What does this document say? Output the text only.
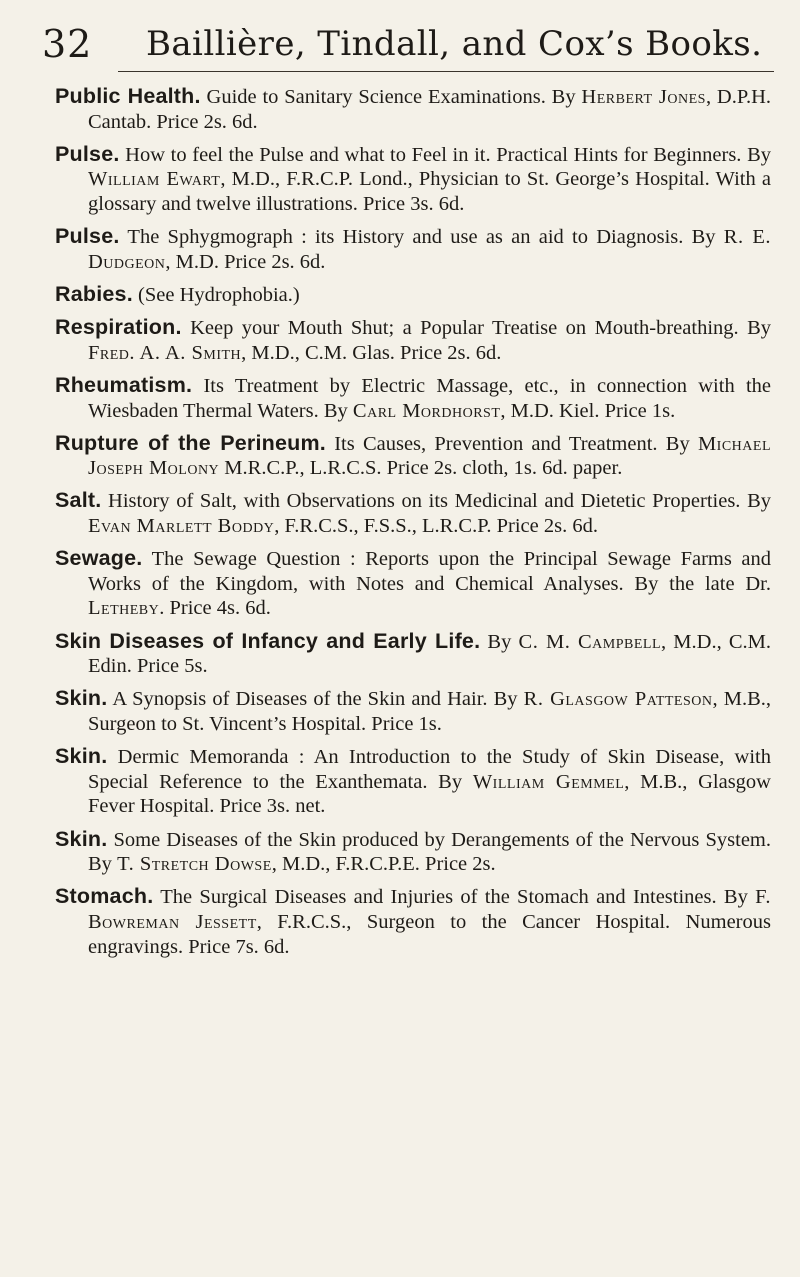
32 Baillière, Tindall, and Cox’s Books.

Public Health. Guide to Sanitary Science Examinations. By Herbert Jones, D.P.H. Cantab. Price 2s. 6d.

Pulse. How to feel the Pulse and what to Feel in it. Practical Hints for Beginners. By William Ewart, M.D., F.R.C.P. Lond., Physician to St. George’s Hospital. With a glossary and twelve illustrations. Price 3s. 6d.

Pulse. The Sphygmograph : its History and use as an aid to Diagnosis. By R. E. Dudgeon, M.D. Price 2s. 6d.

Rabies. (See Hydrophobia.)

Respiration. Keep your Mouth Shut; a Popular Treatise on Mouth-breathing. By Fred. A. A. Smith, M.D., C.M. Glas. Price 2s. 6d.

Rheumatism. Its Treatment by Electric Massage, etc., in connection with the Wiesbaden Thermal Waters. By Carl Mordhorst, M.D. Kiel. Price 1s.

Rupture of the Perineum. Its Causes, Prevention and Treatment. By Michael Joseph Molony M.R.C.P., L.R.C.S. Price 2s. cloth, 1s. 6d. paper.

Salt. History of Salt, with Observations on its Medicinal and Dietetic Properties. By Evan Marlett Boddy, F.R.C.S., F.S.S., L.R.C.P. Price 2s. 6d.

Sewage. The Sewage Question : Reports upon the Principal Sewage Farms and Works of the Kingdom, with Notes and Chemical Analyses. By the late Dr. Letheby. Price 4s. 6d.

Skin Diseases of Infancy and Early Life. By C. M. Campbell, M.D., C.M. Edin. Price 5s.

Skin. A Synopsis of Diseases of the Skin and Hair. By R. Glasgow Patteson, M.B., Surgeon to St. Vincent’s Hospital. Price 1s.

Skin. Dermic Memoranda : An Introduction to the Study of Skin Disease, with Special Reference to the Exanthemata. By William Gemmel, M.B., Glasgow Fever Hospital. Price 3s. net.

Skin. Some Diseases of the Skin produced by Derangements of the Nervous System. By T. Stretch Dowse, M.D., F.R.C.P.E. Price 2s.

Stomach. The Surgical Diseases and Injuries of the Stomach and Intestines. By F. Bowreman Jessett, F.R.C.S., Surgeon to the Cancer Hospital. Numerous engravings. Price 7s. 6d.
